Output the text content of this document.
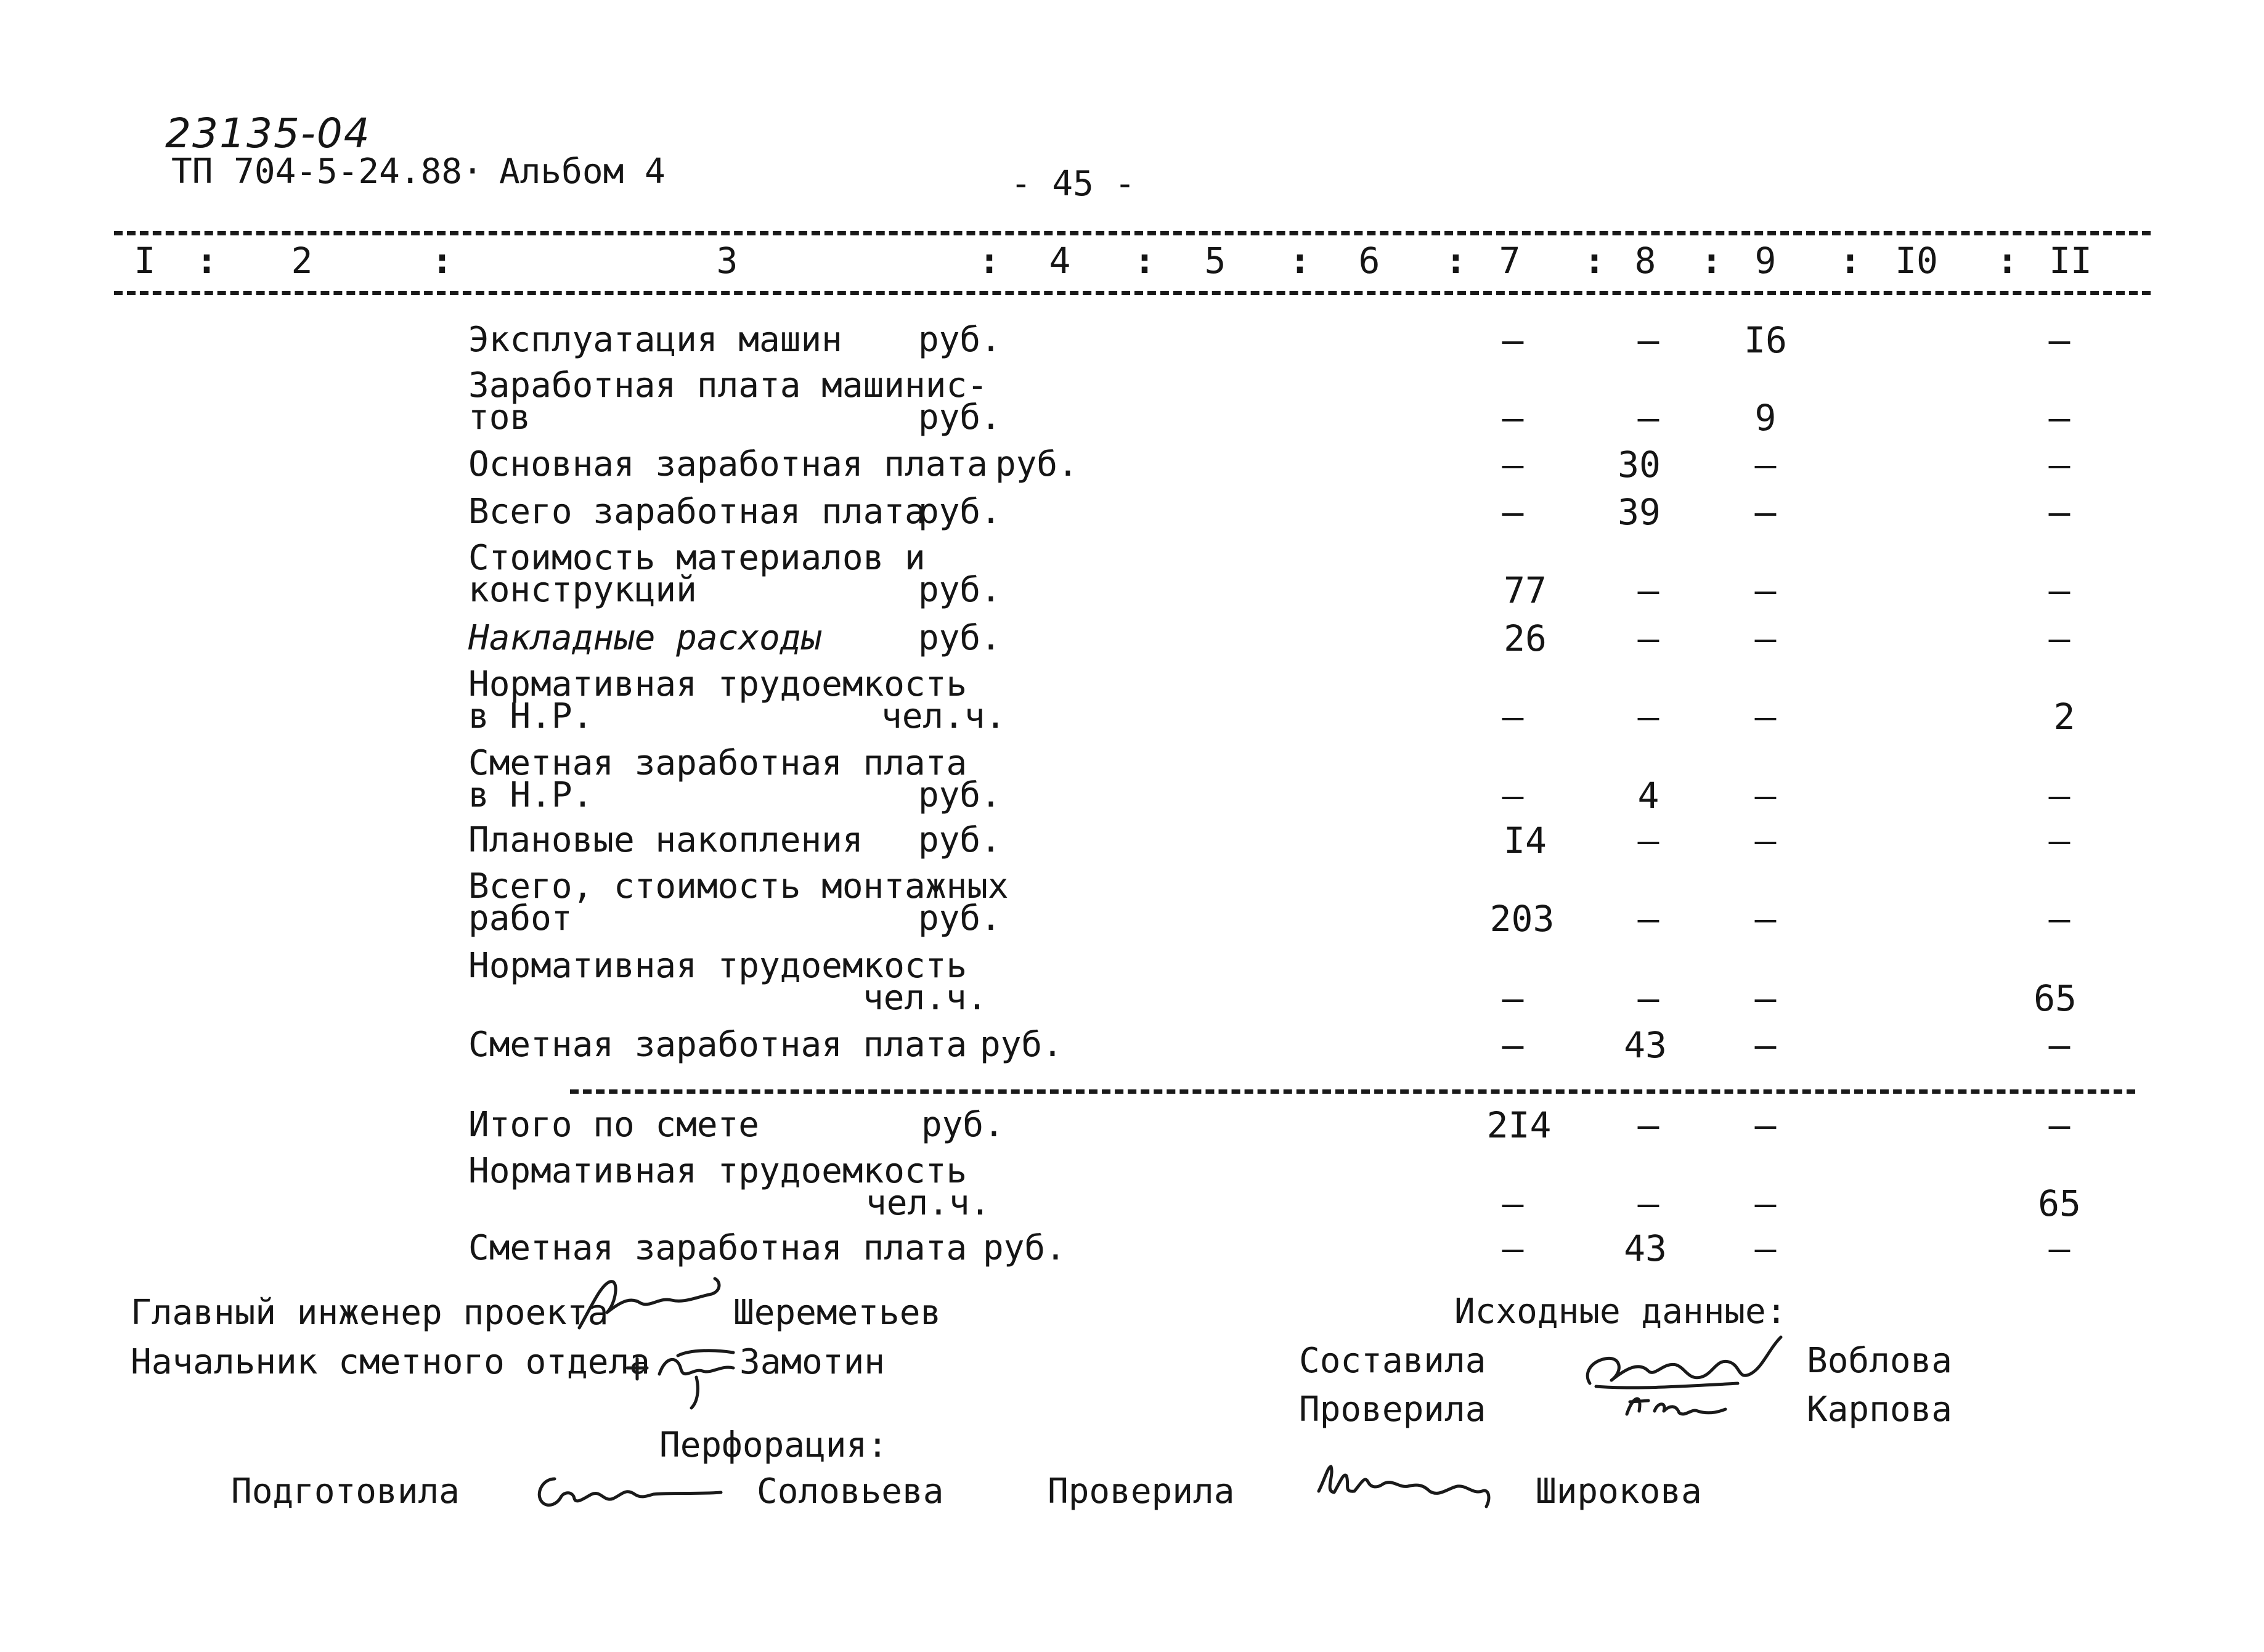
23135-04
ТП 704-5-24.88· Альбом 4	- 45 -
I	:	2	:	3	:	4	:	5	:	6	: 7	: 8	: 9	: I0	: II
Эксплуатация машин руб.	–	–	I6	–
Заработная плата машинис-
тов	руб.	–	–	9	–
Основная заработная плата руб.	–	30	–	–
Всего заработная плата
руб.	–	39	–	–
Стоимость материалов и
конструкций	руб.	77	–	–	–
Накладные расходы	руб.	26	–	–	–
Нормативная трудоемкость
в Н.Р.	чел.ч.	–	–	–	2
Сметная заработная плата
в Н.Р.	руб.	–	4	–	–
Плановые накопления руб.	I4	–	–	–
Всего, стоимость монтажных
работ	руб.	203	–	–	–
Нормативная трудоемкость
чел.ч.	–	–	–	65
Сметная заработная плата руб.	–	43	–	–
Итого по смете	руб.	2I4	–	–	–
Нормативная трудоемкость
чел.ч.	–	–	–	65
Сметная заработная плата руб.	–	43	–	–
Главный инженер проекта	Шереметьев
Начальник сметного отдела	Замотин
Исходные данные:
Составила	Воблова
Проверила	Карпова
Перфорация:
Подготовила	Соловьева	Проверила	Широкова
